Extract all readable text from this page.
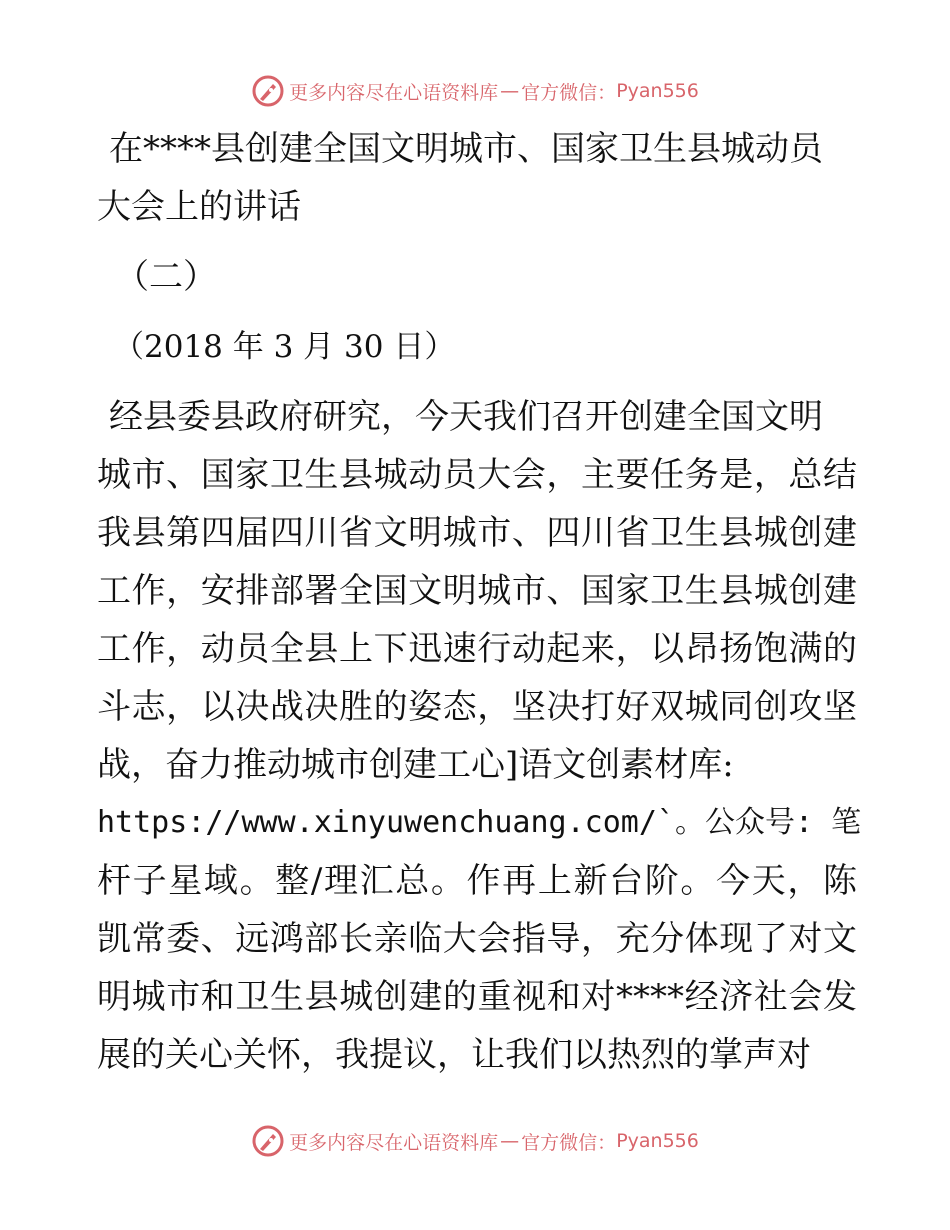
更多内容尽在心语资料库 — 官方微信： Pyan556
在****县创建全国文明城市、国家卫生县城动员
大会上的讲话
（二）
（2018 年 3 月 30 日）
经县委县政府研究，今天我们召开创建全国文明
城市、国家卫生县城动员大会，主要任务是，总结
我县第四届四川省文明城市、四川省卫生县城创建
工作，安排部署全国文明城市、国家卫生县城创建
工作，动员全县上下迅速行动起来，以昂扬饱满的
斗志，以决战决胜的姿态，坚决打好双城同创攻坚
战，奋力推动城市创建工心]语文创素材库:
https://www.xinyuwenchuang.com/`。公众号: 笔
杆子星域。整/理汇总。作再上新台阶。今天，陈
凯常委、远鸿部长亲临大会指导，充分体现了对文
明城市和卫生县城创建的重视和对****经济社会发
展的关心关怀，我提议，让我们以热烈的掌声对
更多内容尽在心语资料库 — 官方微信： Pyan556
